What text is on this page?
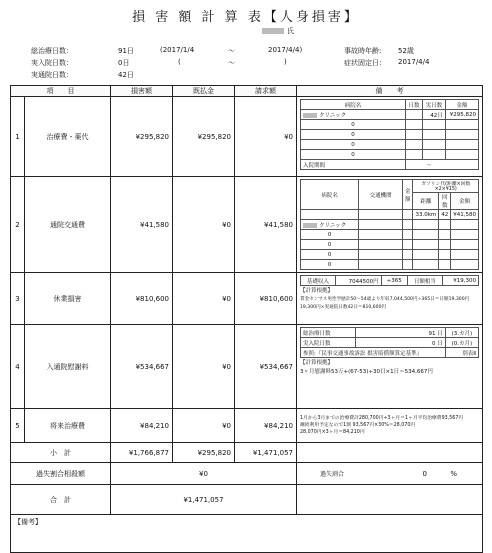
損 害 額 計 算 表【人身損害】
氏
総治療日数：	91日	(2017/1/4	〜	2017/4/4)	事故時年齢: 52歳
実入院日数：	0日	(	〜	)	症状固定日： 2017/4/4
実通院日数：	42日
項　　目	損害額	既払金	請求額	備　　考
1	治療費・薬代	¥295,820	¥295,820	¥0	
病院名	日数	実日数	金額
クリニック		42日	¥295,820
0			
0			
0			
0			
入院期間	〜

2	通院交通費	¥41,580	¥0	¥41,580	
病院名	交通機関	金額	ガソリン代(距離×回数×2×¥15)
距離	回数	金額
			33.0km	42	¥41,580
クリニック					
0					
0					
0					
0					

3	休業損害	¥810,600	¥0	¥810,600	
基礎収入	7044500円	÷365	日額相当	¥19,300
【計算根拠】
賃金センサス男性学歴計50〜54歳より年収7,044,500円÷365日＝日額19,300円
19,300円×実通院日数42日＝810,600円

4	入通院慰謝料	¥534,667	¥0	¥534,667	
総治療日数	91 日	(3.カ月)
実入院日数	0 日	(0.カ月)
参照:『民事交通事故訴訟 損害賠償額算定基準』	別表Ⅱ
【計算根拠】
3ヶ月慰謝料53万+(67-53)÷30日×1日＝534,667円

5	将来治療費	¥84,210	¥0	¥84,210	
1月から3月までの治療費計280,700円÷3ヶ月＝1ヶ月平均治療費93,567円
継続利用予定なので1割 93,567円×30%＝28,070円
28,070円×3ヶ月＝84,210円

小　計	¥1,766,877	¥295,820	¥1,471,057	
過失割合相殺額	¥0	過失割合	0	%
合　計	¥1,471,057	
【備考】
